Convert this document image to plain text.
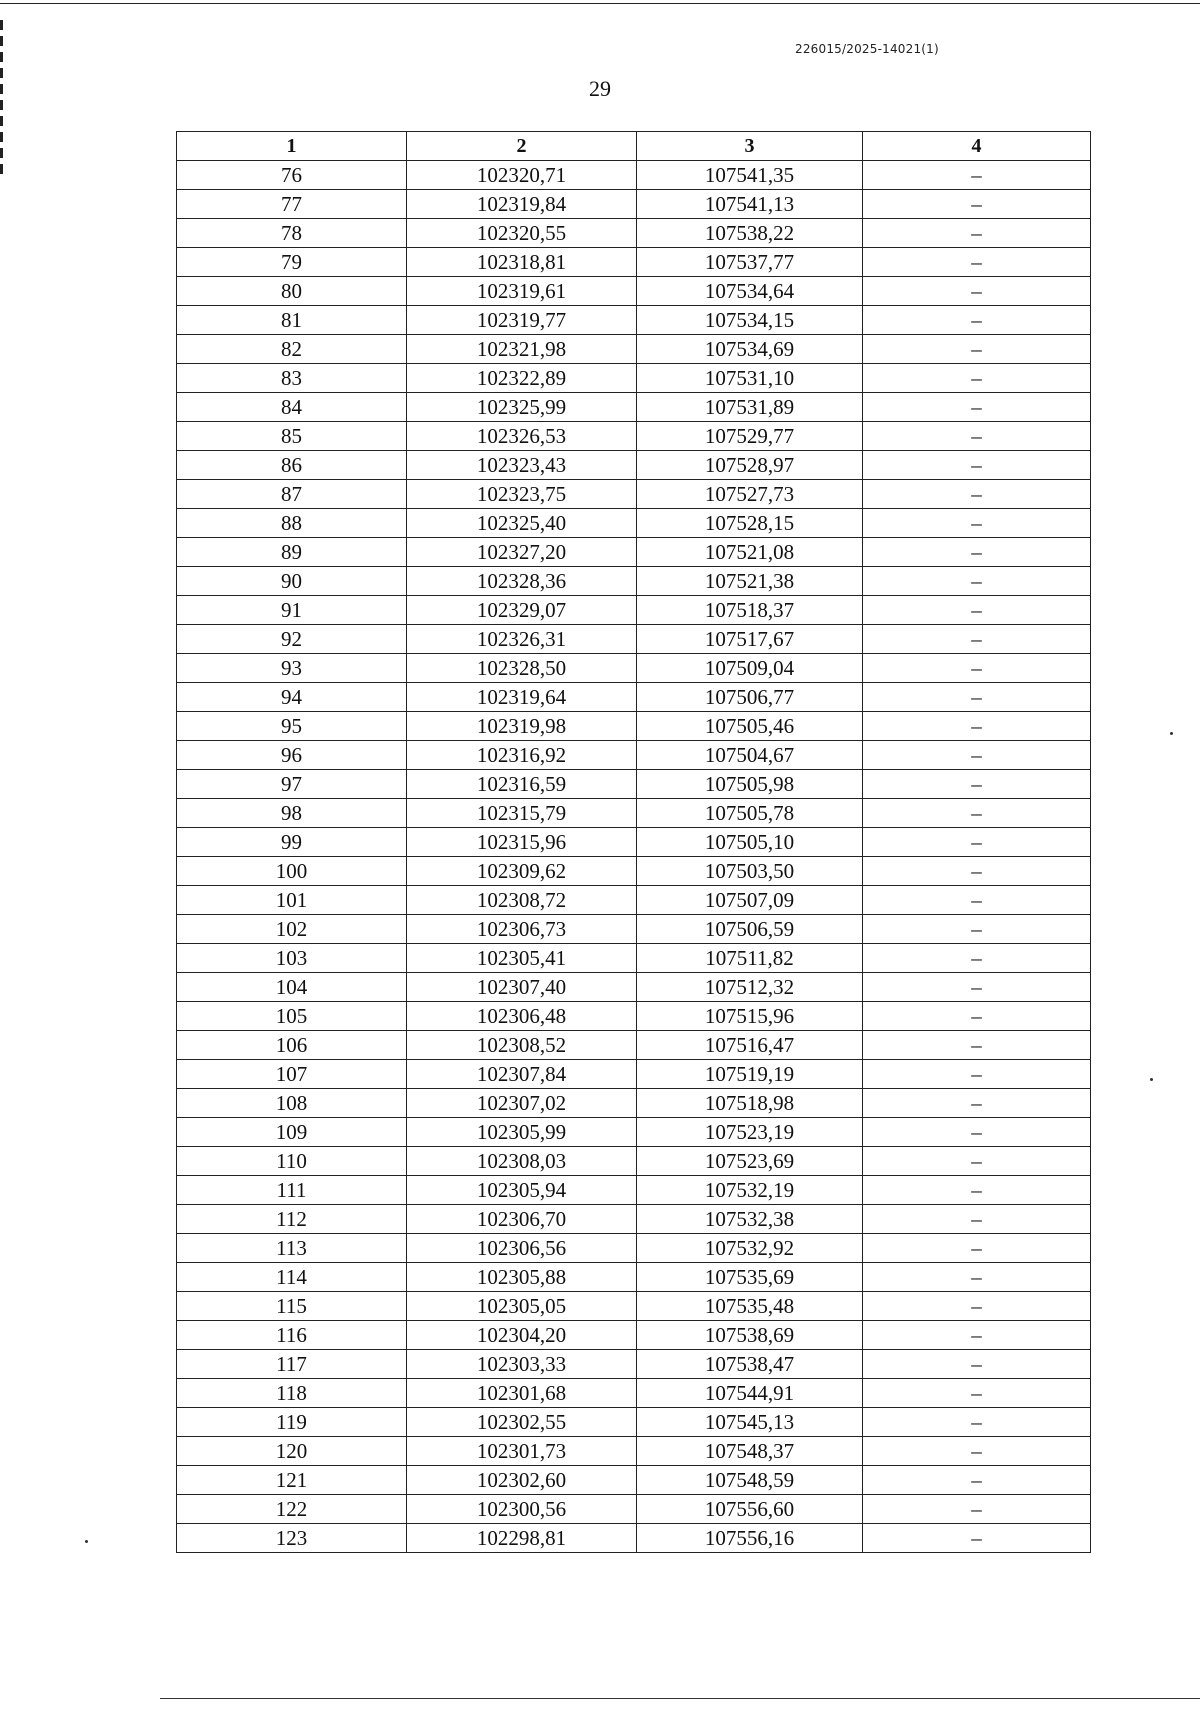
226015/2025-14021(1)
29
1	2	3	4
76	102320,71	107541,35	–
77	102319,84	107541,13	–
78	102320,55	107538,22	–
79	102318,81	107537,77	–
80	102319,61	107534,64	–
81	102319,77	107534,15	–
82	102321,98	107534,69	–
83	102322,89	107531,10	–
84	102325,99	107531,89	–
85	102326,53	107529,77	–
86	102323,43	107528,97	–
87	102323,75	107527,73	–
88	102325,40	107528,15	–
89	102327,20	107521,08	–
90	102328,36	107521,38	–
91	102329,07	107518,37	–
92	102326,31	107517,67	–
93	102328,50	107509,04	–
94	102319,64	107506,77	–
95	102319,98	107505,46	–
96	102316,92	107504,67	–
97	102316,59	107505,98	–
98	102315,79	107505,78	–
99	102315,96	107505,10	–
100	102309,62	107503,50	–
101	102308,72	107507,09	–
102	102306,73	107506,59	–
103	102305,41	107511,82	–
104	102307,40	107512,32	–
105	102306,48	107515,96	–
106	102308,52	107516,47	–
107	102307,84	107519,19	–
108	102307,02	107518,98	–
109	102305,99	107523,19	–
110	102308,03	107523,69	–
111	102305,94	107532,19	–
112	102306,70	107532,38	–
113	102306,56	107532,92	–
114	102305,88	107535,69	–
115	102305,05	107535,48	–
116	102304,20	107538,69	–
117	102303,33	107538,47	–
118	102301,68	107544,91	–
119	102302,55	107545,13	–
120	102301,73	107548,37	–
121	102302,60	107548,59	–
122	102300,56	107556,60	–
123	102298,81	107556,16	–
